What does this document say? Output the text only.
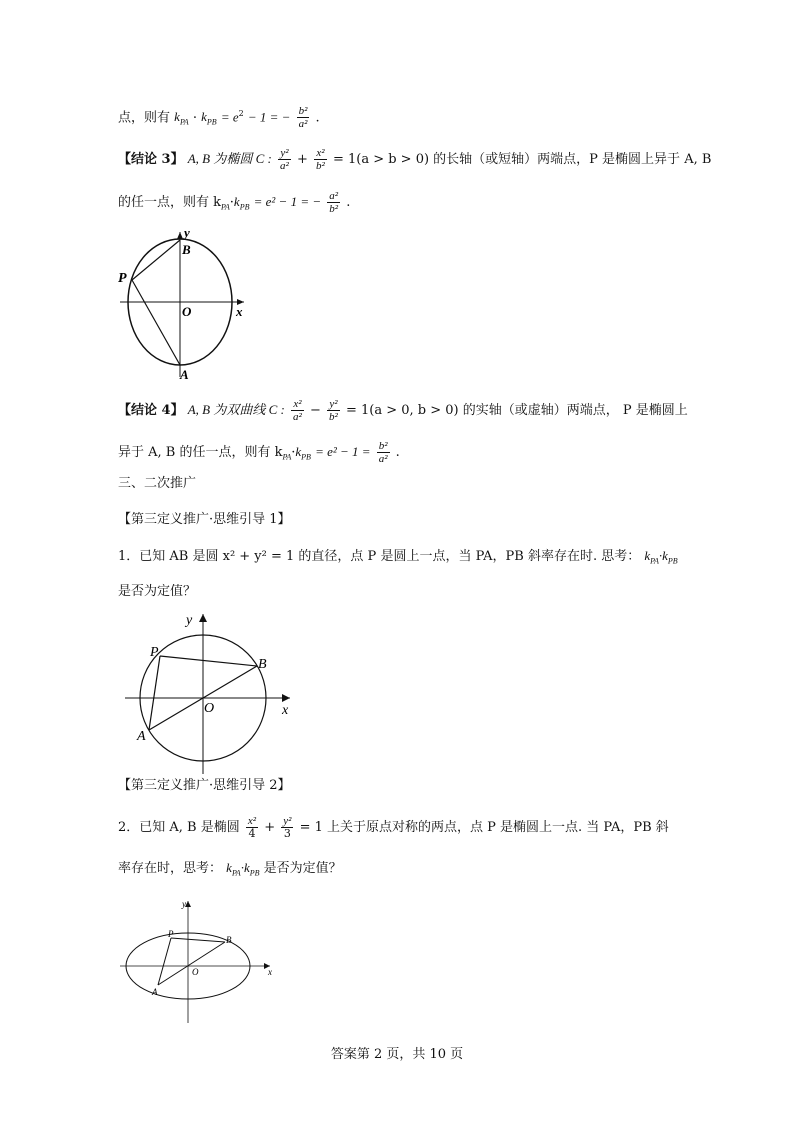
点，则有 $k_{PA} \cdot k_{PB} = e^2 - 1$ = − $\frac{\text{b²}}{\text{a²}}$ .
【结论 3】 A, B 为椭圆 C : $\frac{\text{y²}}{\text{a²}} + \frac{\text{x²}}{\text{b²}} = 1(a > b > 0)$ 的长轴（或短轴）两端点，P 是椭圆上异于 A, B
的任一点，则有 $k_{PA}\cdot k_{PB} = e^2 - 1$ = − $\frac{\text{a²}}{\text{b²}}$ .
y
B
P
O	x
A
【结论 4】 A, B 为双曲线 C : $\frac{\text{x²}}{\text{a²}} - \frac{\text{y²}}{\text{b²}} = 1(a > 0$, b > 0) 的实轴（或虚轴）两端点， P 是椭圆上
异于 A, B 的任一点，则有 $k_{PA}\cdot k_{PB} = e^2 - 1 = \frac{\text{b²}}{\text{a²}}$ .
三、二次推广
【第三定义推广·思维引导 1】
1．已知 AB 是圆 x² + y² = 1 的直径，点 P 是圆上一点，当 PA，PB 斜率存在时. 思考： $k_{PA}\cdot k_{PB}$
是否为定值？
y
P
B
O	x
A
【第三定义推广·思维引导 2】
2．已知 A, B 是椭圆 $\frac{\text{x²}}{4} + \frac{\text{y²}}{3} = 1$ 上关于原点对称的两点，点 P 是椭圆上一点. 当 PA，PB 斜
率存在时，思考： $k_{PA}\cdot k_{PB}$ 是否为定值？
y
P
B
O	x
A
答案第 2 页，共 10 页
